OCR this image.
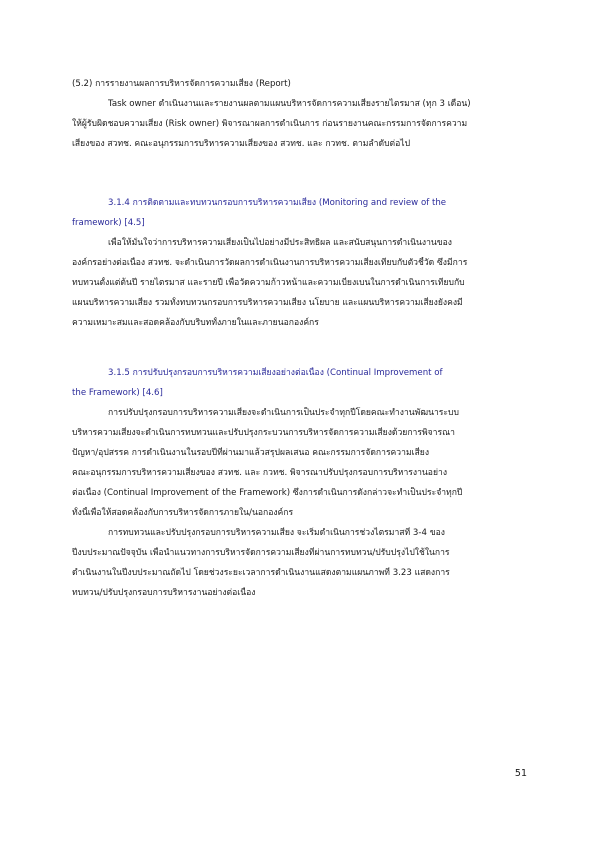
(5.2) การรายงานผลการบริหารจัดการความเสี่ยง (Report)
Task owner ดำเนินงานและรายงานผลตามแผนบริหารจัดการความเสี่ยงรายไตรมาส (ทุก 3 เดือน)
ให้ผู้รับผิดชอบความเสี่ยง (Risk owner) พิจารณาผลการดำเนินการ ก่อนรายงานคณะกรรมการจัดการความ
เสี่ยงของ สวทช. คณะอนุกรรมการบริหารความเสี่ยงของ สวทช. และ กวทช. ตามลำดับต่อไป
3.1.4 การติดตามและทบทวนกรอบการบริหารความเสี่ยง (Monitoring and review of the
framework) [4.5]
เพื่อให้มั่นใจว่าการบริหารความเสี่ยงเป็นไปอย่างมีประสิทธิผล และสนับสนุนการดำเนินงานของ
องค์กรอย่างต่อเนื่อง สวทช. จะดำเนินการวัดผลการดำเนินงานการบริหารความเสี่ยงเทียบกับตัวชี้วัด ซึ่งมีการ
ทบทวนตั้งแต่ต้นปี รายไตรมาส และรายปี เพื่อวัดความก้าวหน้าและความเบี่ยงเบนในการดำเนินการเทียบกับ
แผนบริหารความเสี่ยง รวมทั้งทบทวนกรอบการบริหารความเสี่ยง นโยบาย และแผนบริหารความเสี่ยงยังคงมี
ความเหมาะสมและสอดคล้องกับบริบททั้งภายในและภายนอกองค์กร
3.1.5 การปรับปรุงกรอบการบริหารความเสี่ยงอย่างต่อเนื่อง (Continual Improvement of
the Framework) [4.6]
การปรับปรุงกรอบการบริหารความเสี่ยงจะดำเนินการเป็นประจำทุกปีโดยคณะทำงานพัฒนาระบบ
บริหารความเสี่ยงจะดำเนินการทบทวนและปรับปรุงกระบวนการบริหารจัดการความเสี่ยงด้วยการพิจารณา
ปัญหา/อุปสรรค การดำเนินงานในรอบปีที่ผ่านมาแล้วสรุปผลเสนอ คณะกรรมการจัดการความเสี่ยง
คณะอนุกรรมการบริหารความเสี่ยงของ สวทช. และ กวทช. พิจารณาปรับปรุงกรอบการบริหารงานอย่าง
ต่อเนื่อง (Continual Improvement of the Framework) ซึ่งการดำเนินการดังกล่าวจะทำเป็นประจำทุกปี
ทั้งนี้เพื่อให้สอดคล้องกับการบริหารจัดการภายใน/นอกองค์กร
การทบทวนและปรับปรุงกรอบการบริหารความเสี่ยง จะเริ่มดำเนินการช่วงไตรมาสที่ 3-4 ของ
ปีงบประมาณปัจจุบัน เพื่อนำแนวทางการบริหารจัดการความเสี่ยงที่ผ่านการทบทวน/ปรับปรุงไปใช้ในการ
ดำเนินงานในปีงบประมาณถัดไป โดยช่วงระยะเวลาการดำเนินงานแสดงตามแผนภาพที่ 3.23 แสดงการ
ทบทวน/ปรับปรุงกรอบการบริหารงานอย่างต่อเนื่อง
51
